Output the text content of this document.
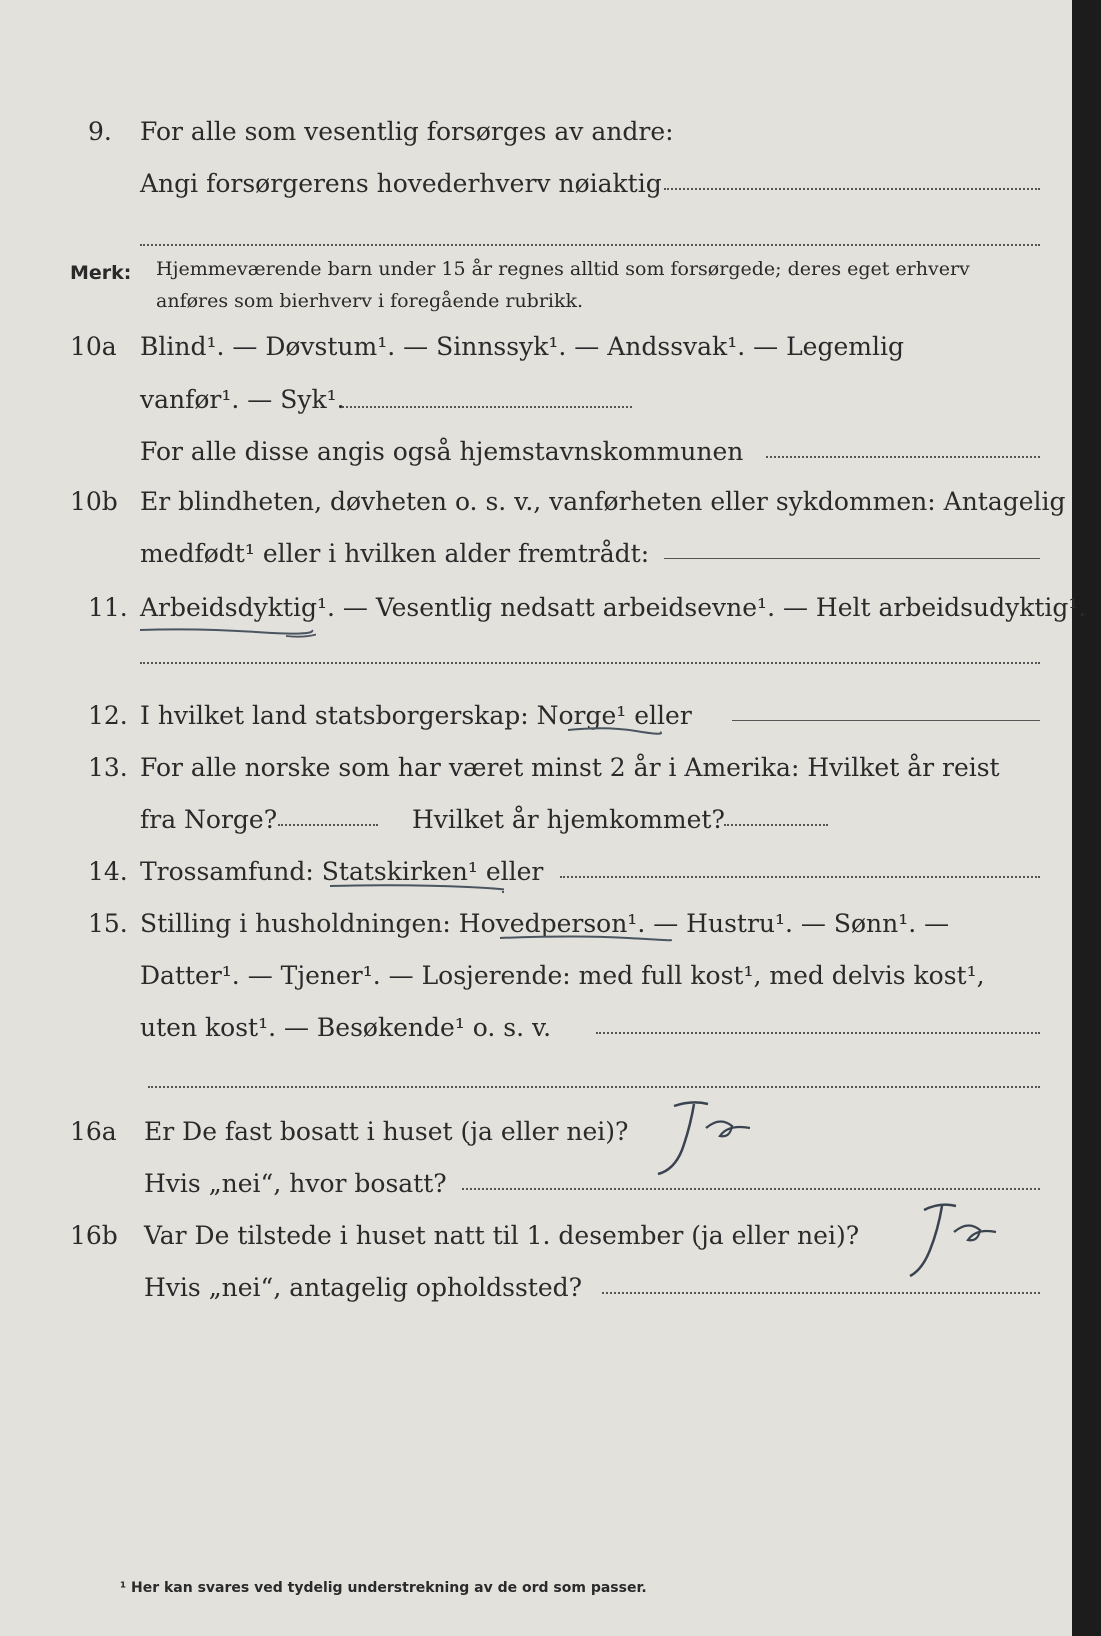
9. For alle som vesentlig forsørges av andre:
Angi forsørgerens hovederhverv nøiaktig
Merk: Hjemmeværende barn under 15 år regnes alltid som forsørgede; deres eget erhverv
anføres som bierhverv i foregående rubrikk.
10a Blind¹. — Døvstum¹. — Sinnssyk¹. — Andssvak¹. — Legemlig
vanfør¹. — Syk¹.
For alle disse angis også hjemstavnskommunen
10b Er blindheten, døvheten o. s. v., vanførheten eller sykdommen: Antagelig
medfødt¹ eller i hvilken alder fremtrådt:
11. Arbeidsdyktig¹. — Vesentlig nedsatt arbeidsevne¹. — Helt arbeidsudyktig¹.
12. I hvilket land statsborgerskap: Norge¹ eller
13. For alle norske som har været minst 2 år i Amerika: Hvilket år reist
fra Norge?	Hvilket år hjemkommet?
14. Trossamfund: Statskirken¹ eller
15. Stilling i husholdningen: Hovedperson¹. — Hustru¹. — Sønn¹. —
Datter¹. — Tjener¹. — Losjerende: med full kost¹, med delvis kost¹,
uten kost¹. — Besøkende¹ o. s. v.
16a Er De fast bosatt i huset (ja eller nei)?
Hvis „nei“, hvor bosatt?
16b Var De tilstede i huset natt til 1. desember (ja eller nei)?
Hvis „nei“, antagelig opholdssted?
¹ Her kan svares ved tydelig understrekning av de ord som passer.
